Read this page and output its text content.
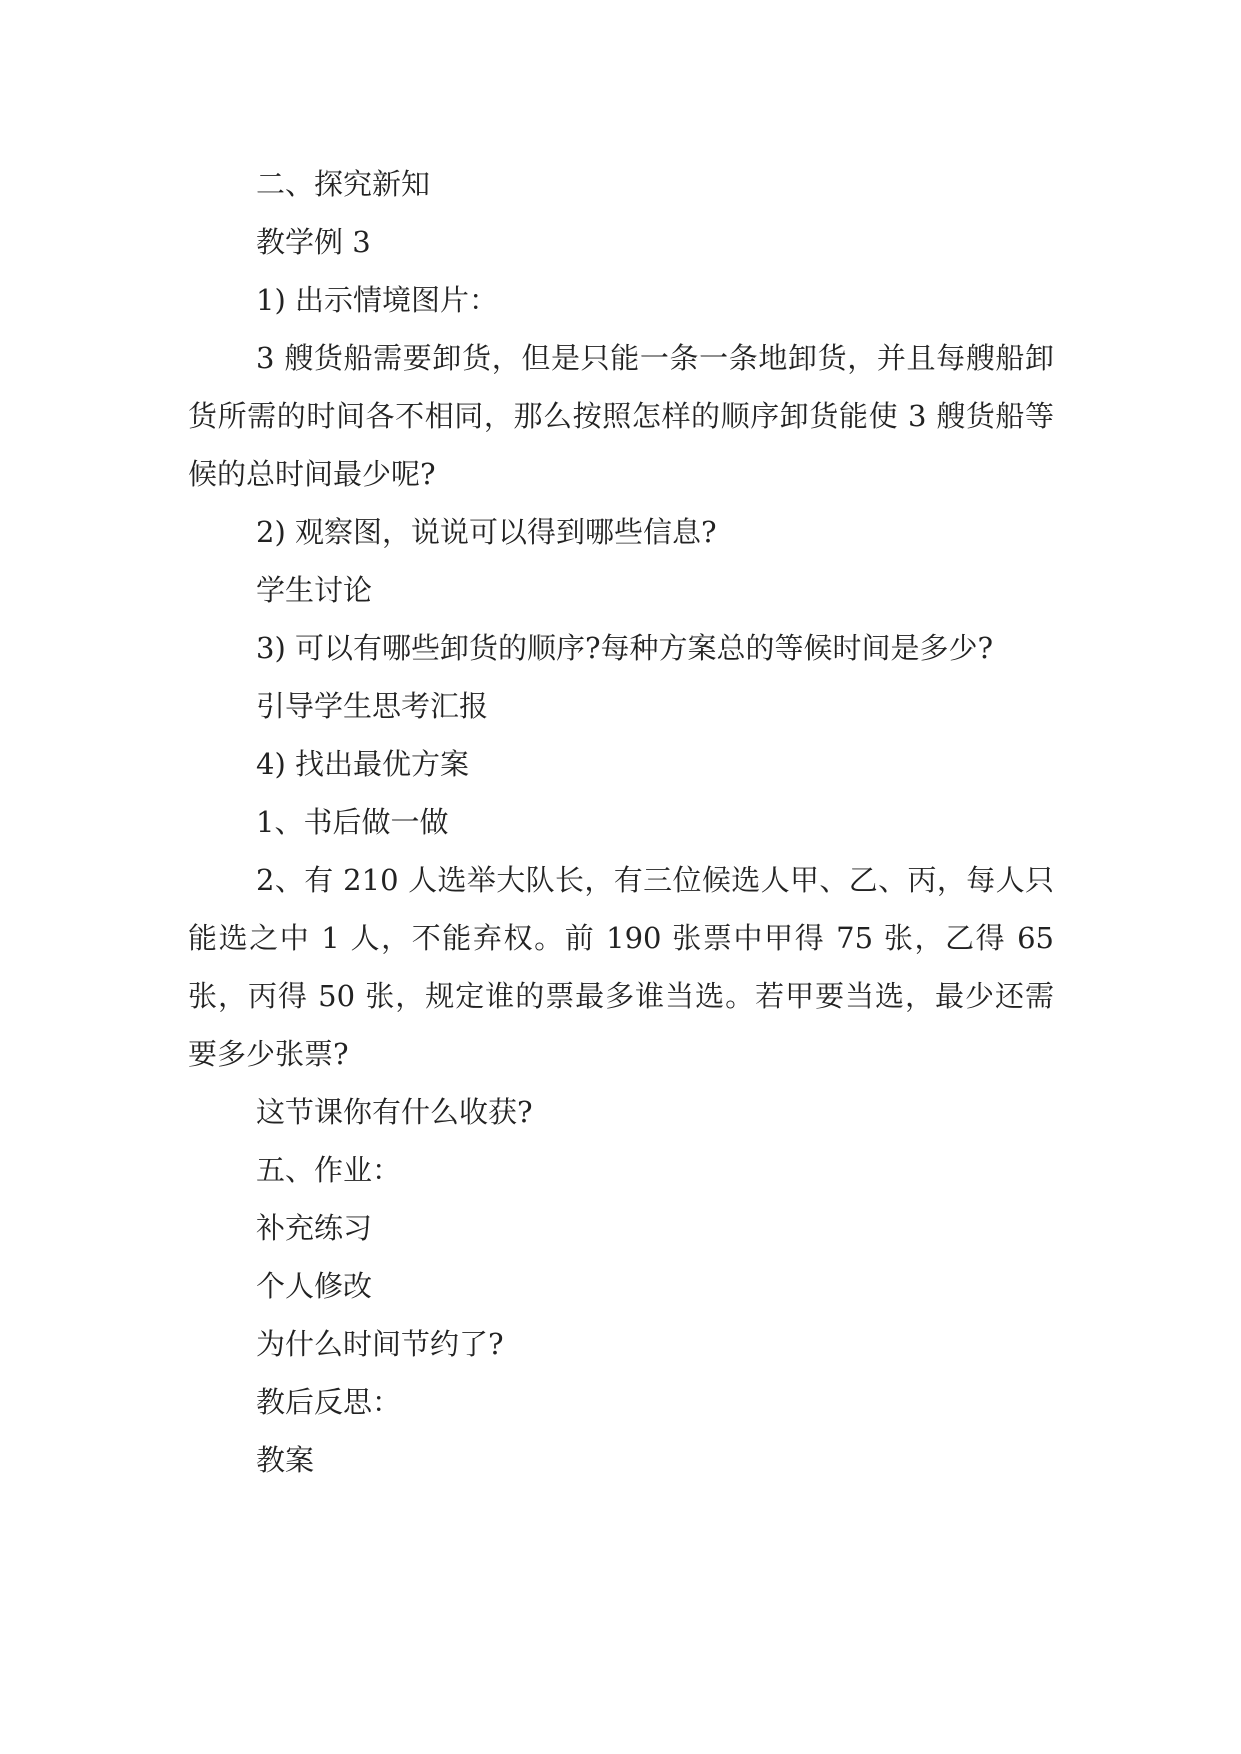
二、探究新知

教学例 3

1) 出示情境图片：

3 艘货船需要卸货，但是只能一条一条地卸货，并且每艘船卸货所需的时间各不相同，那么按照怎样的顺序卸货能使 3 艘货船等候的总时间最少呢?

2) 观察图，说说可以得到哪些信息?

学生讨论

3) 可以有哪些卸货的顺序?每种方案总的等候时间是多少?

引导学生思考汇报

4) 找出最优方案

1、书后做一做

2、有 210 人选举大队长，有三位候选人甲、乙、丙，每人只能选之中 1 人，不能弃权。前 190 张票中甲得 75 张，乙得 65 张，丙得 50 张，规定谁的票最多谁当选。若甲要当选，最少还需要多少张票?

这节课你有什么收获?

五、作业：

补充练习

个人修改

为什么时间节约了?

教后反思：

教案
